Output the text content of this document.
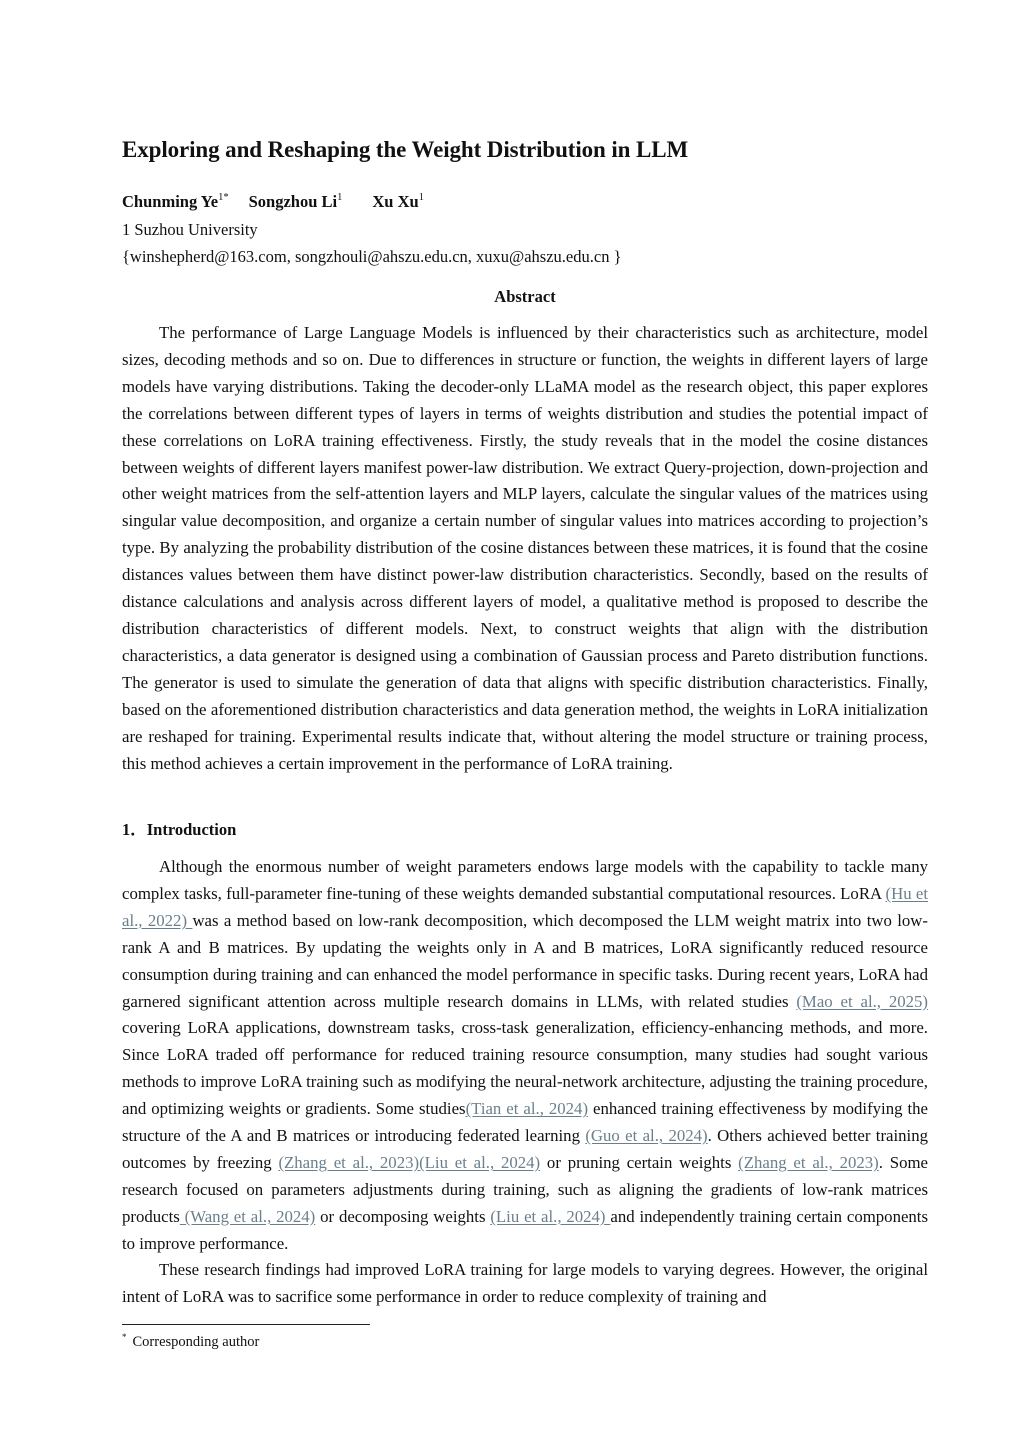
Exploring and Reshaping the Weight Distribution in LLM
Chunming $Ye^{1*}$ Songzhou Li$^1$ Xu Xu$^1$
1 Suzhou University
{winshepherd@163.com, songzhouli@ahszu.edu.cn, xuxu@ahszu.edu.cn }
Abstract

The performance of Large Language Models is influenced by their characteristics such as architecture, model sizes, decoding methods and so on. Due to differences in structure or function, the weights in different layers of large models have varying distributions. Taking the decoder-only LLaMA model as the research object, this paper explores the correlations between different types of layers in terms of weights distribution and studies the potential impact of these correlations on LoRA training effectiveness. Firstly, the study reveals that in the model the cosine distances between weights of different layers manifest power-law distribution. We extract Query-projection, down-projection and other weight matrices from the self-attention layers and MLP layers, calculate the singular values of the matrices using singular value decomposition, and organize a certain number of singular values into matrices according to projection’s type. By analyzing the probability distribution of the cosine distances between these matrices, it is found that the cosine distances values between them have distinct power-law distribution characteristics. Secondly, based on the results of distance calculations and analysis across different layers of model, a qualitative method is proposed to describe the distribution characteristics of different models. Next, to construct weights that align with the distribution characteristics, a data generator is designed using a combination of Gaussian process and Pareto distribution functions. The generator is used to simulate the generation of data that aligns with specific distribution characteristics. Finally, based on the aforementioned distribution characteristics and data generation method, the weights in LoRA initialization are reshaped for training. Experimental results indicate that, without altering the model structure or training process, this method achieves a certain improvement in the performance of LoRA training.

1．Introduction

Although the enormous number of weight parameters endows large models with the capability to tackle many complex tasks, full-parameter fine-tuning of these weights demanded substantial computational resources. LoRA (Hu et al., 2022) was a method based on low-rank decomposition, which decomposed the LLM weight matrix into two low-rank A and B matrices. By updating the weights only in A and B matrices, LoRA significantly reduced resource consumption during training and can enhanced the model performance in specific tasks. During recent years, LoRA had garnered significant attention across multiple research domains in LLMs, with related studies (Mao et al., 2025) covering LoRA applications, downstream tasks, cross-task generalization, efficiency-enhancing methods, and more. Since LoRA traded off performance for reduced training resource consumption, many studies had sought various methods to improve LoRA training such as modifying the neural-network architecture, adjusting the training procedure, and optimizing weights or gradients. Some studies(Tian et al., 2024) enhanced training effectiveness by modifying the structure of the A and B matrices or introducing federated learning (Guo et al., 2024). Others achieved better training outcomes by freezing (Zhang et al., 2023)(Liu et al., 2024) or pruning certain weights (Zhang et al., 2023). Some research focused on parameters adjustments during training, such as aligning the gradients of low-rank matrices products (Wang et al., 2024) or decomposing weights (Liu et al., 2024) and independently training certain components to improve performance.

These research findings had improved LoRA training for large models to varying degrees. However, the original intent of LoRA was to sacrifice some performance in order to reduce complexity of training and

* Corresponding author
